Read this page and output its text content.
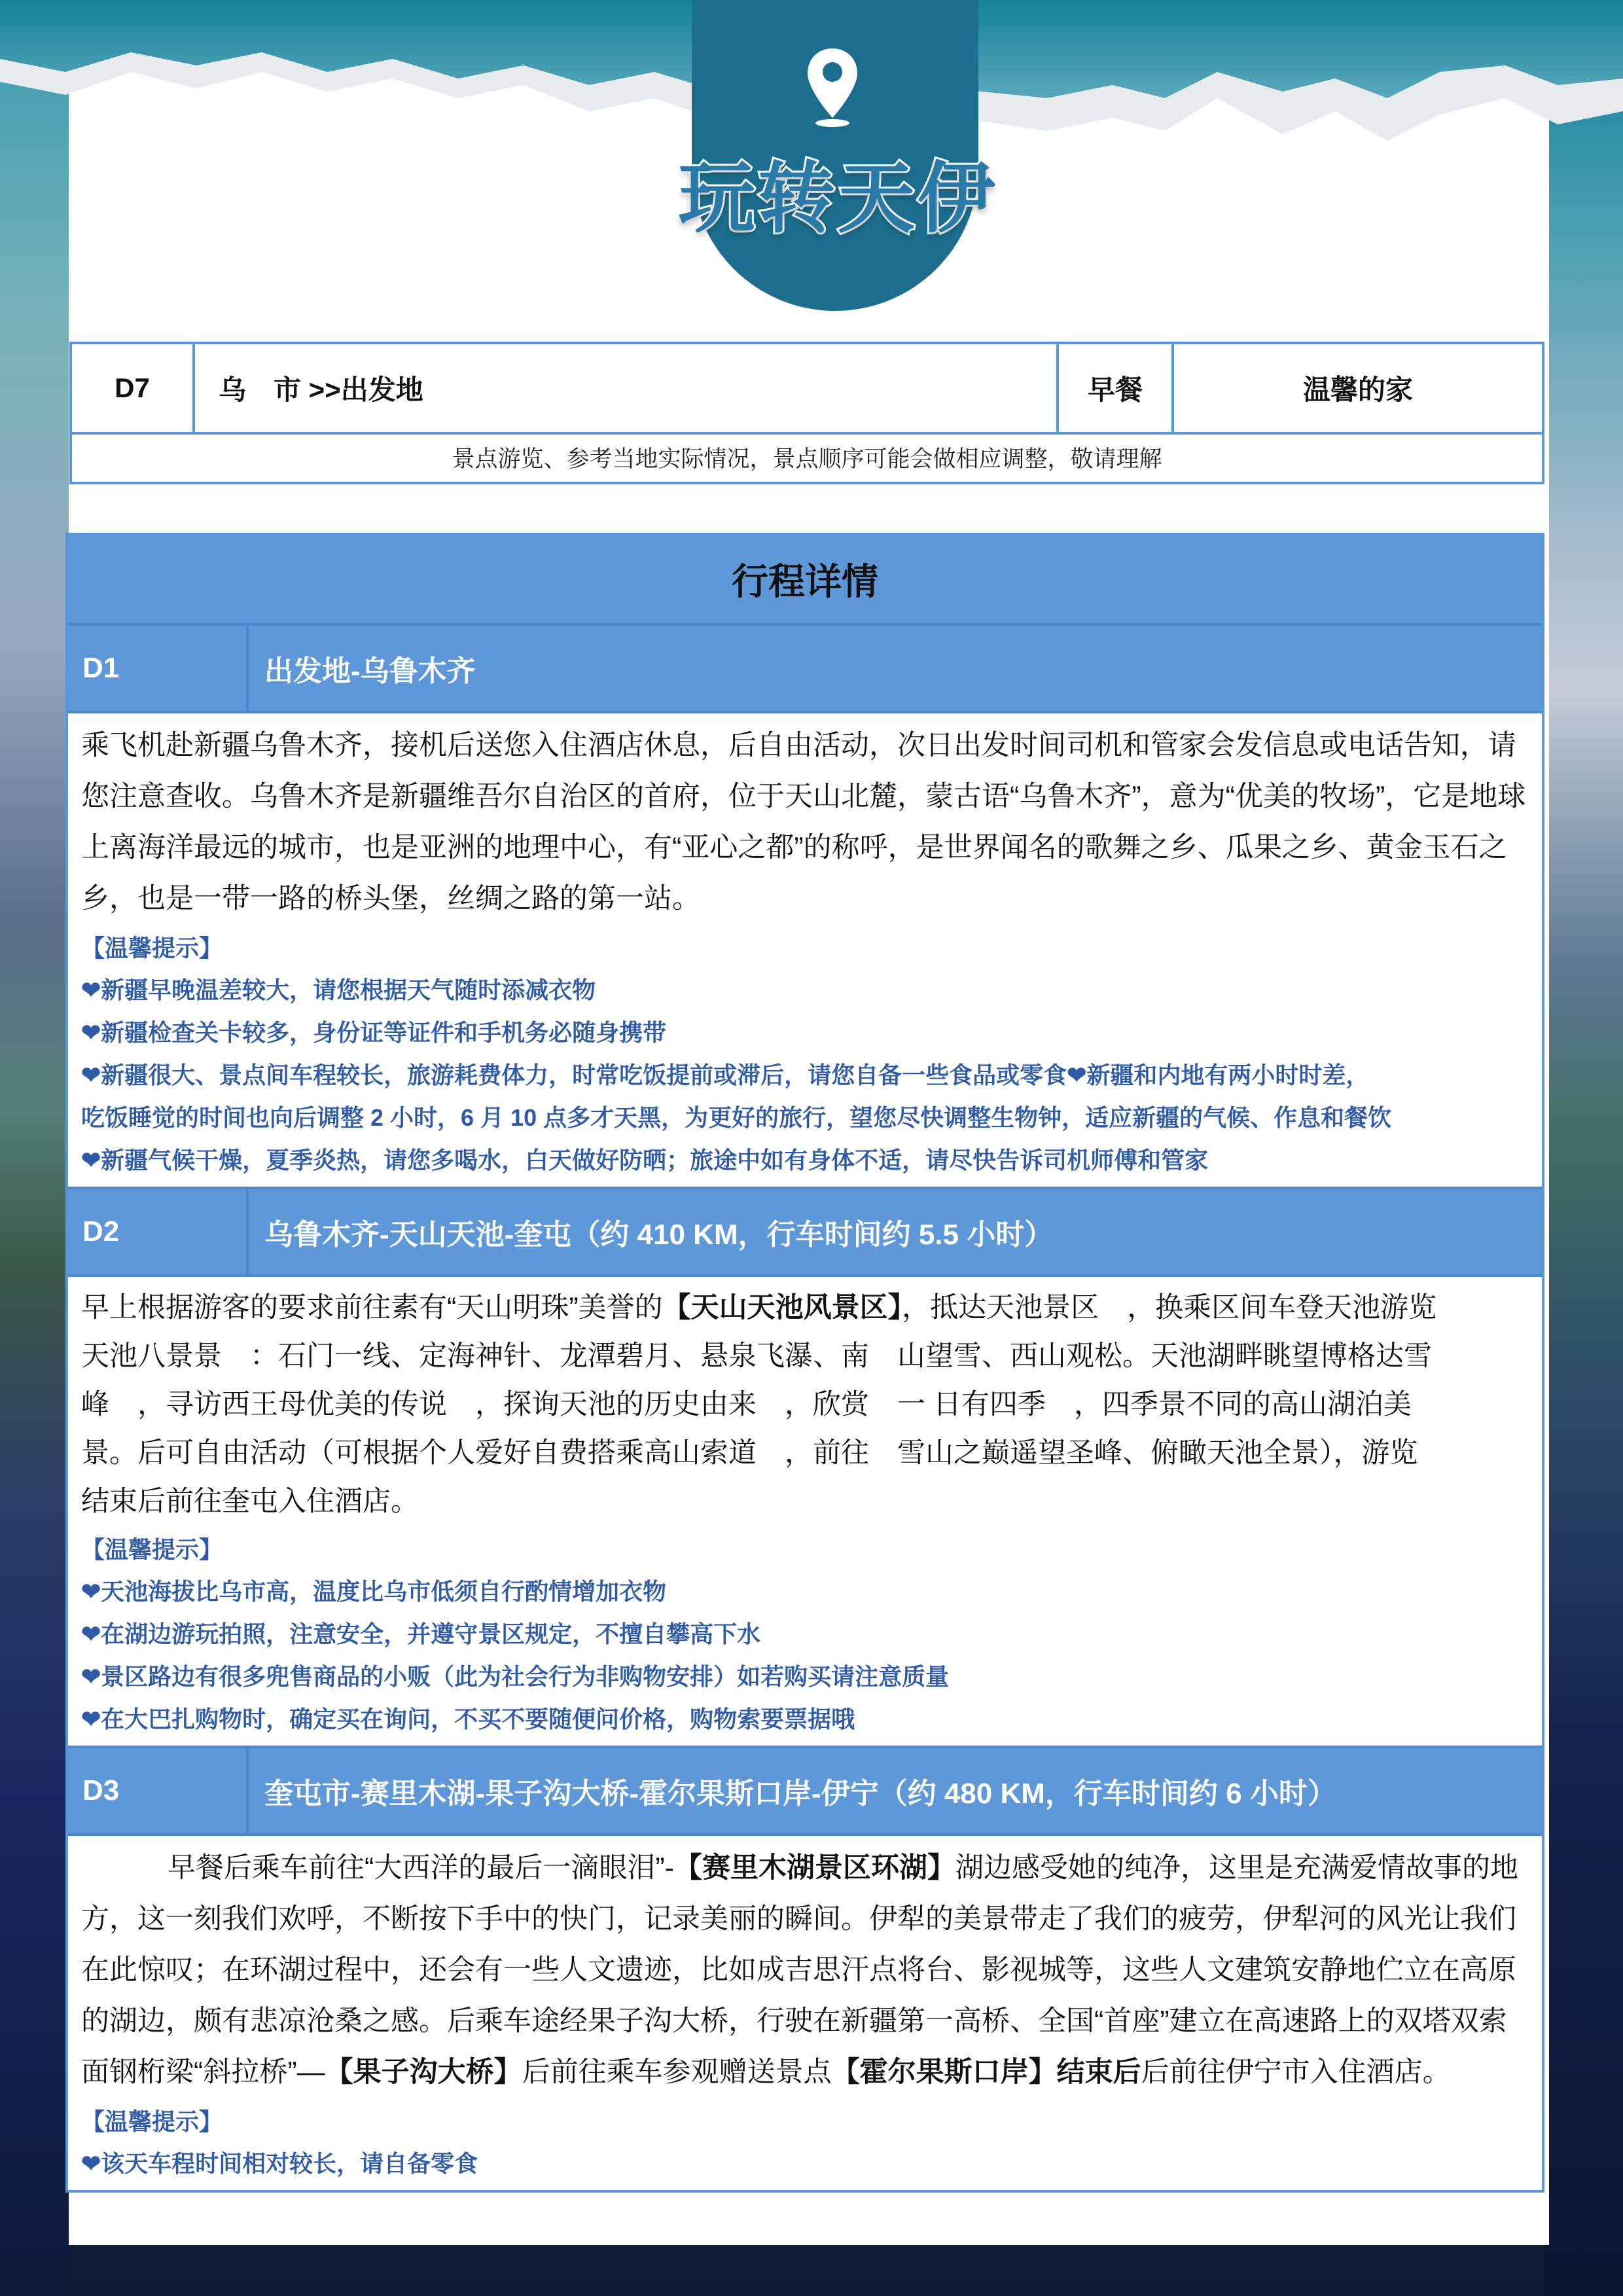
玩转天伊
D7	乌　市 >>出发地	早餐	温馨的家
景点游览、参考当地实际情况，景点顺序可能会做相应调整，敬请理解
行程详情
D1	出发地-乌鲁木齐

乘飞机赴新疆乌鲁木齐，接机后送您入住酒店休息，后自由活动，次日出发时间司机和管家会发信息或电话告知，请您注意查收。乌鲁木齐是新疆维吾尔自治区的首府，位于天山北麓，蒙古语“乌鲁木齐”，意为“优美的牧场”，它是地球上离海洋最远的城市，也是亚洲的地理中心，有“亚心之都”的称呼，是世界闻名的歌舞之乡、瓜果之乡、黄金玉石之乡，也是一带一路的桥头堡，丝绸之路的第一站。

【温馨提示】

❤新疆早晚温差较大，请您根据天气随时添减衣物

❤新疆检查关卡较多，身份证等证件和手机务必随身携带

❤新疆很大、景点间车程较长，旅游耗费体力，时常吃饭提前或滞后，请您自备一些食品或零食❤新疆和内地有两小时时差，

吃饭睡觉的时间也向后调整 2 小时，6 月 10 点多才天黑，为更好的旅行，望您尽快调整生物钟，适应新疆的气候、作息和餐饮

❤新疆气候干燥，夏季炎热，请您多喝水，白天做好防晒；旅途中如有身体不适，请尽快告诉司机师傅和管家

D2	乌鲁木齐-天山天池-奎屯（约 410 KM，行车时间约 5.5 小时）

早上根据游客的要求前往素有“天山明珠”美誉的【天山天池风景区】，抵达天池景区　，换乘区间车登天池游览天池八景景　：石门一线、定海神针、龙潭碧月、悬泉飞瀑、南　山望雪、西山观松。天池湖畔眺望博格达雪峰　，寻访西王母优美的传说　，探询天池的历史由来　，欣赏　一 日有四季　，四季景不同的高山湖泊美景。后可自由活动（可根据个人爱好自费搭乘高山索道　，前往　雪山之巅遥望圣峰、俯瞰天池全景），游览结束后前往奎屯入住酒店。

【温馨提示】

❤天池海拔比乌市高，温度比乌市低须自行酌情增加衣物

❤在湖边游玩拍照，注意安全，并遵守景区规定，不擅自攀高下水

❤景区路边有很多兜售商品的小贩（此为社会行为非购物安排）如若购买请注意质量

❤在大巴扎购物时，确定买在询问，不买不要随便问价格，购物索要票据哦

D3	奎屯市-赛里木湖-果子沟大桥-霍尔果斯口岸-伊宁（约 480 KM，行车时间约 6 小时）

早餐后乘车前往“大西洋的最后一滴眼泪”-【赛里木湖景区环湖】湖边感受她的纯净，这里是充满爱情故事的地方，这一刻我们欢呼，不断按下手中的快门，记录美丽的瞬间。伊犁的美景带走了我们的疲劳，伊犁河的风光让我们在此惊叹；在环湖过程中，还会有一些人文遗迹，比如成吉思汗点将台、影视城等，这些人文建筑安静地伫立在高原的湖边，颇有悲凉沧桑之感。后乘车途经果子沟大桥，行驶在新疆第一高桥、全国“首座”建立在高速路上的双塔双索面钢桁梁“斜拉桥”—【果子沟大桥】后前往乘车参观赠送景点【霍尔果斯口岸】结束后后前往伊宁市入住酒店。

【温馨提示】

❤该天车程时间相对较长，请自备零食
